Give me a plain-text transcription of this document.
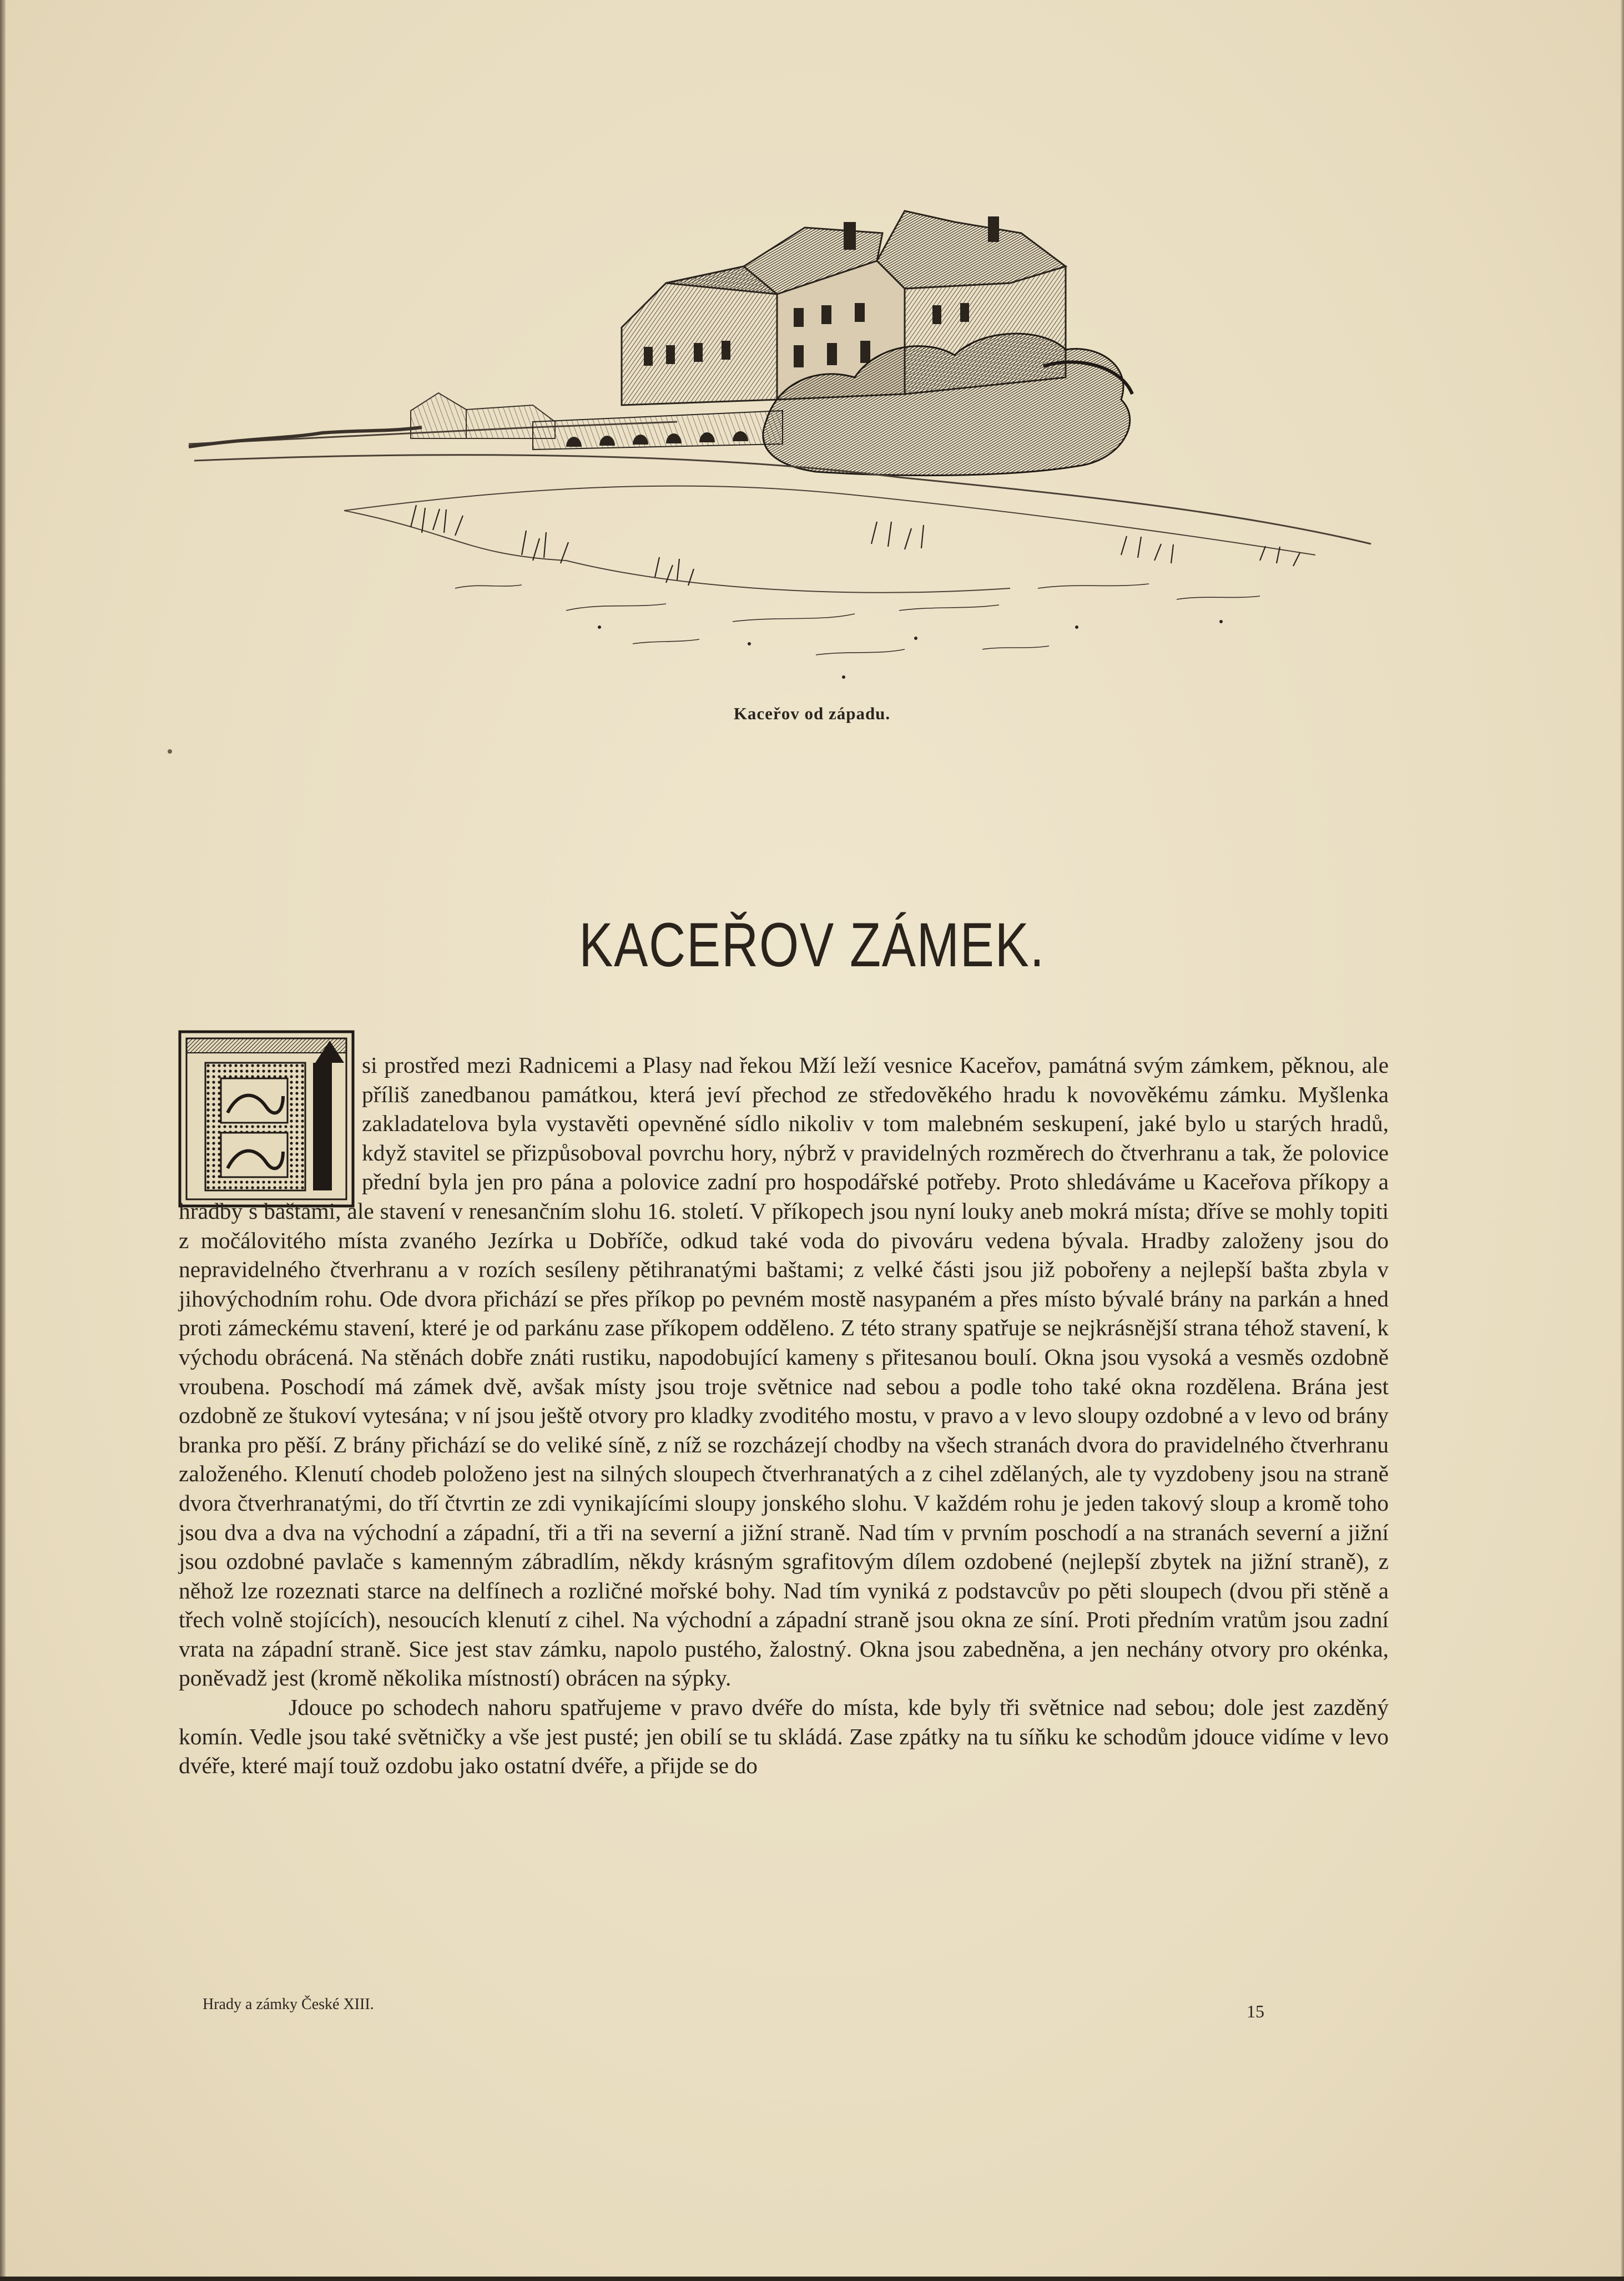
Kaceřov od západu.
KACEŘOV ZÁMEK.
A

si prostřed mezi Radnicemi a Plasy nad řekou Mží leží vesnice Kaceřov, památná svým zámkem, pěknou, ale příliš zanedbanou památkou, která jeví přechod ze středověkého hradu k novověkému zámku. Myšlenka zakladatelova byla vystavěti opevněné sídlo nikoliv v tom malebném seskupení, jaké bylo u starých hradů, když stavitel se přizpůsoboval povrchu hory, nýbrž v pravidelných rozměrech do čtverhranu a tak, že polovice přední byla jen pro pána a polovice zadní pro hospodářské potřeby. Proto shledáváme u Kaceřova příkopy a hradby s baštami, ale stavení v renesančním slohu 16. století. V příkopech jsou nyní louky aneb mokrá místa; dříve se mohly topiti z močálovitého místa zvaného Jezírka u Dobříče, odkud také voda do pivováru vedena bývala. Hradby založeny jsou do nepravidelného čtverhranu a v rozích sesíleny pětihranatými baštami; z velké části jsou již pobořeny a nejlepší bašta zbyla v jihovýchodním rohu. Ode dvora přichází se přes příkop po pevném mostě nasypaném a přes místo bývalé brány na parkán a hned proti zámeckému stavení, které je od parkánu zase příkopem odděleno. Z této strany spatřuje se nejkrásnější strana téhož stavení, k východu obrácená. Na stěnách dobře znáti rustiku, napodobující kameny s přitesanou boulí. Okna jsou vysoká a vesměs ozdobně vroubena. Poschodí má zámek dvě, avšak místy jsou troje světnice nad sebou a podle toho také okna rozdělena. Brána jest ozdobně ze štukoví vytesána; v ní jsou ještě otvory pro kladky zvoditého mostu, v pravo a v levo sloupy ozdobné a v levo od brány branka pro pěší. Z brány přichází se do veliké síně, z níž se rozcházejí chodby na všech stranách dvora do pravidelného čtverhranu založeného. Klenutí chodeb položeno jest na silných sloupech čtverhranatých a z cihel zdělaných, ale ty vyzdobeny jsou na straně dvora čtverhranatými, do tří čtvrtin ze zdi vynikajícími sloupy jonského slohu. V každém rohu je jeden takový sloup a kromě toho jsou dva a dva na východní a západní, tři a tři na severní a jižní straně. Nad tím v prvním poschodí a na stranách severní a jižní jsou ozdobné pavlače s kamenným zábradlím, někdy krásným sgrafitovým dílem ozdobené (nejlepší zbytek na jižní straně), z něhož lze rozeznati starce na delfínech a rozličné mořské bohy. Nad tím vyniká z podstavcův po pěti sloupech (dvou při stěně a třech volně stojících), nesoucích klenutí z cihel. Na východní a západní straně jsou okna ze síní. Proti předním vratům jsou zadní vrata na západní straně. Sice jest stav zámku, napolo pustého, žalostný. Okna jsou zabedněna, a jen nechány otvory pro okénka, poněvadž jest (kromě několika místností) obrácen na sýpky.

Jdouce po schodech nahoru spatřujeme v pravo dvéře do místa, kde byly tři světnice nad sebou; dole jest zazděný komín. Vedle jsou také světničky a vše jest pusté; jen obilí se tu skládá. Zase zpátky na tu síňku ke schodům jdouce vidíme v levo dvéře, které mají touž ozdobu jako ostatní dvéře, a přijde se do

Hrady a zámky České XIII.	15
